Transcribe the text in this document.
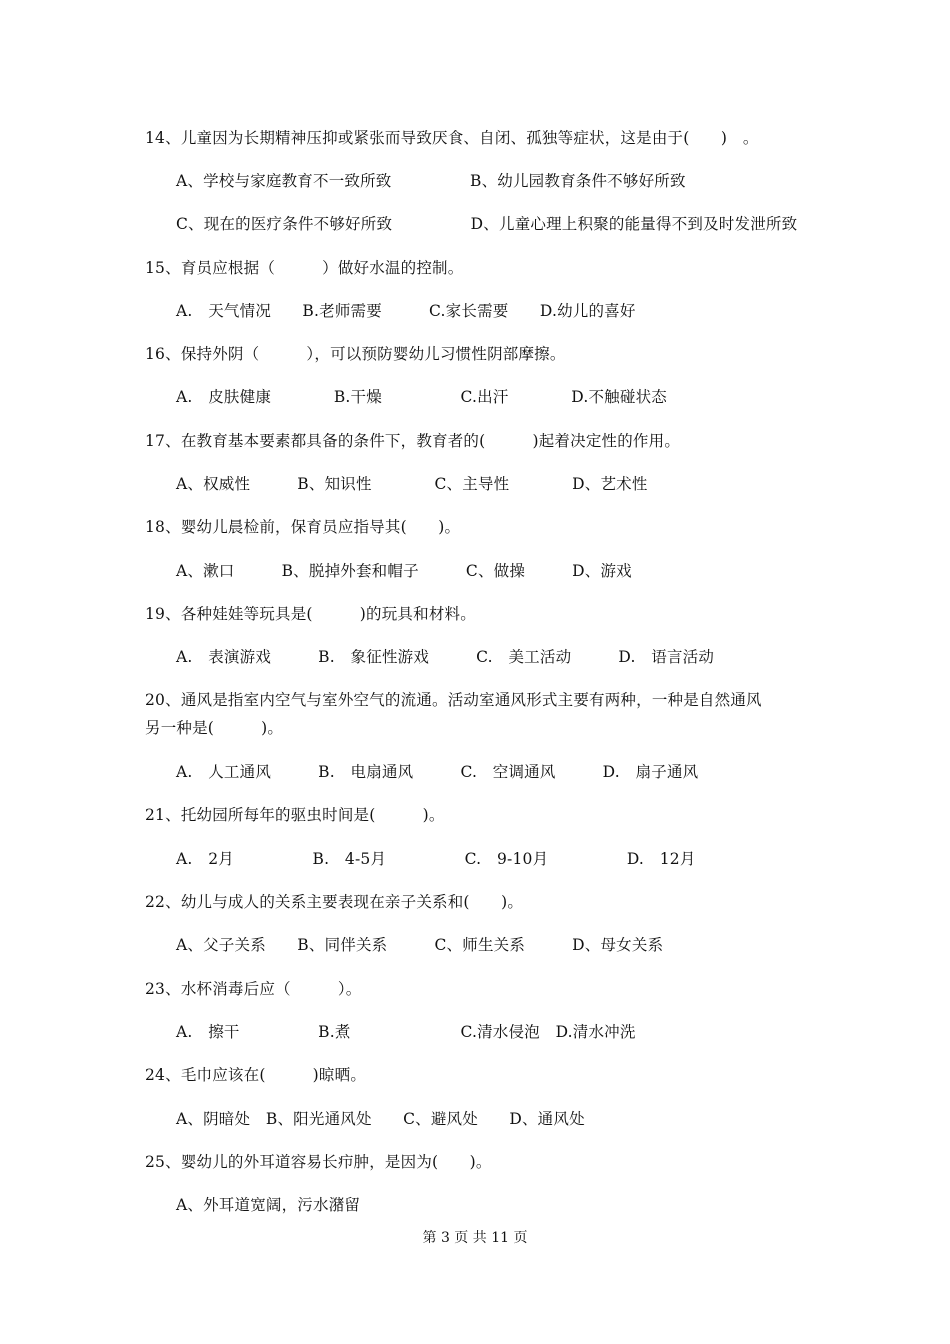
14、儿童因为长期精神压抑或紧张而导致厌食、自闭、孤独等症状，这是由于(　　)　。
A、学校与家庭教育不一致所致　　　　　B、幼儿园教育条件不够好所致
C、现在的医疗条件不够好所致　　　　　D、儿童心理上积聚的能量得不到及时发泄所致
15、育员应根据（　　　）做好水温的控制。
A.　天气情况　　B.老师需要　　　C.家长需要　　D.幼儿的喜好
16、保持外阴（　　　），可以预防婴幼儿习惯性阴部摩擦。
A.　皮肤健康　　　　B.干燥　　　　　C.出汗　　　　D.不触碰状态
17、在教育基本要素都具备的条件下，教育者的(　　　)起着决定性的作用。
A、权威性　　　B、知识性　　　　C、主导性　　　　D、艺术性
18、婴幼儿晨检前，保育员应指导其(　　)。
A、漱口　　　B、脱掉外套和帽子　　　C、做操　　　D、游戏
19、各种娃娃等玩具是(　　　)的玩具和材料。
A.　表演游戏　　　B.　象征性游戏　　　C.　美工活动　　　D.　语言活动
20、通风是指室内空气与室外空气的流通。活动室通风形式主要有两种，一种是自然通风
另一种是(　　　)。
A.　人工通风　　　B.　电扇通风　　　C.　空调通风　　　D.　扇子通风
21、托幼园所每年的驱虫时间是(　　　)。
A.　2月　　　　　B.　4-5月　　　　　C.　9-10月　　　　　D.　12月
22、幼儿与成人的关系主要表现在亲子关系和(　　)。
A、父子关系　　B、同伴关系　　　C、师生关系　　　D、母女关系
23、水杯消毒后应（　　　）。
A.　擦干　　　　　B.煮　　　　　　　C.清水侵泡　D.清水冲洗
24、毛巾应该在(　　　)晾晒。
A、阴暗处　B、阳光通风处　　C、避风处　　D、通风处
25、婴幼儿的外耳道容易长疖肿，是因为(　　)。
A、外耳道宽阔，污水潴留
第 3 页 共 11 页
